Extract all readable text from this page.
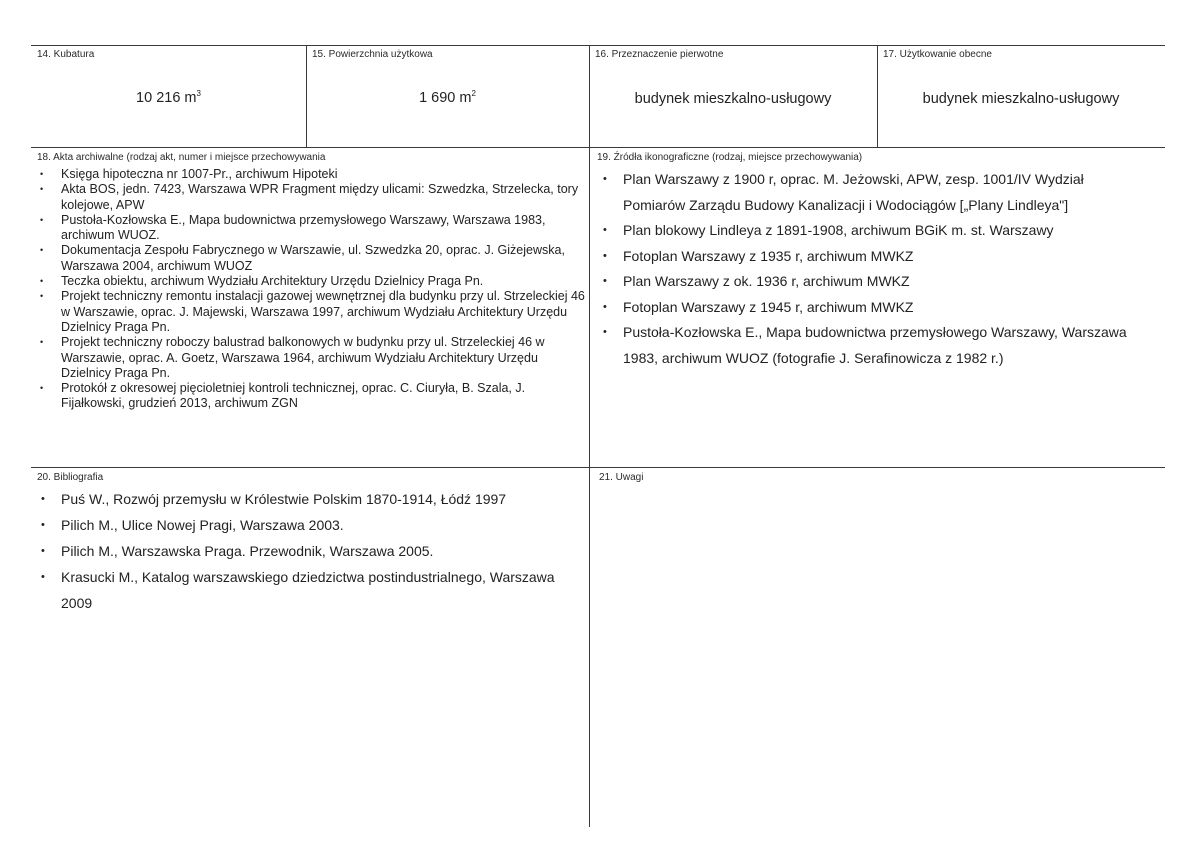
14. Kubatura
10 216 $m^3$
15. Powierzchnia użytkowa
1 690 $m^2$
16. Przeznaczenie pierwotne
budynek mieszkalno-usługowy
17. Użytkowanie obecne
budynek mieszkalno-usługowy
18. Akta archiwalne (rodzaj akt, numer i miejsce przechowywania
• Księga hipoteczna nr 1007-Pr., archiwum Hipoteki
• Akta BOS, jedn. 7423, Warszawa WPR Fragment między ulicami: Szwedzka, Strzelecka, tory kolejowe, APW
• Pustoła-Kozłowska E., Mapa budownictwa przemysłowego Warszawy, Warszawa 1983, archiwum WUOZ.
• Dokumentacja Zespołu Fabrycznego w Warszawie, ul. Szwedzka 20, oprac. J. Giżejewska, Warszawa 2004, archiwum WUOZ
• Teczka obiektu, archiwum Wydziału Architektury Urzędu Dzielnicy Praga Pn.
• Projekt techniczny remontu instalacji gazowej wewnętrznej dla budynku przy ul. Strzeleckiej 46 w Warszawie, oprac. J. Majewski, Warszawa 1997, archiwum Wydziału Architektury Urzędu Dzielnicy Praga Pn.
• Projekt techniczny roboczy balustrad balkonowych w budynku przy ul. Strzeleckiej 46 w Warszawie, oprac. A. Goetz, Warszawa 1964, archiwum Wydziału Architektury Urzędu Dzielnicy Praga Pn.
• Protokół z okresowej pięcioletniej kontroli technicznej, oprac. C. Ciuryła, B. Szala, J. Fijałkowski, grudzień 2013, archiwum ZGN
19. Źródła ikonograficzne (rodzaj, miejsce przechowywania)
• Plan Warszawy z 1900 r, oprac. M. Jeżowski, APW, zesp. 1001/IV Wydział Pomiarów Zarządu Budowy Kanalizacji i Wodociągów [„Plany Lindleya"]
• Plan blokowy Lindleya z 1891-1908, archiwum BGiK m. st. Warszawy
• Fotoplan Warszawy z 1935 r, archiwum MWKZ
• Plan Warszawy z ok. 1936 r, archiwum MWKZ
• Fotoplan Warszawy z 1945 r, archiwum MWKZ
• Pustoła-Kozłowska E., Mapa budownictwa przemysłowego Warszawy, Warszawa 1983, archiwum WUOZ (fotografie J. Serafinowicza z 1982 r.)
20. Bibliografia
• Puś W., Rozwój przemysłu w Królestwie Polskim 1870-1914, Łódź 1997
• Pilich M., Ulice Nowej Pragi, Warszawa 2003.
• Pilich M., Warszawska Praga. Przewodnik, Warszawa 2005.
• Krasucki M., Katalog warszawskiego dziedzictwa postindustrialnego, Warszawa 2009
21. Uwagi
